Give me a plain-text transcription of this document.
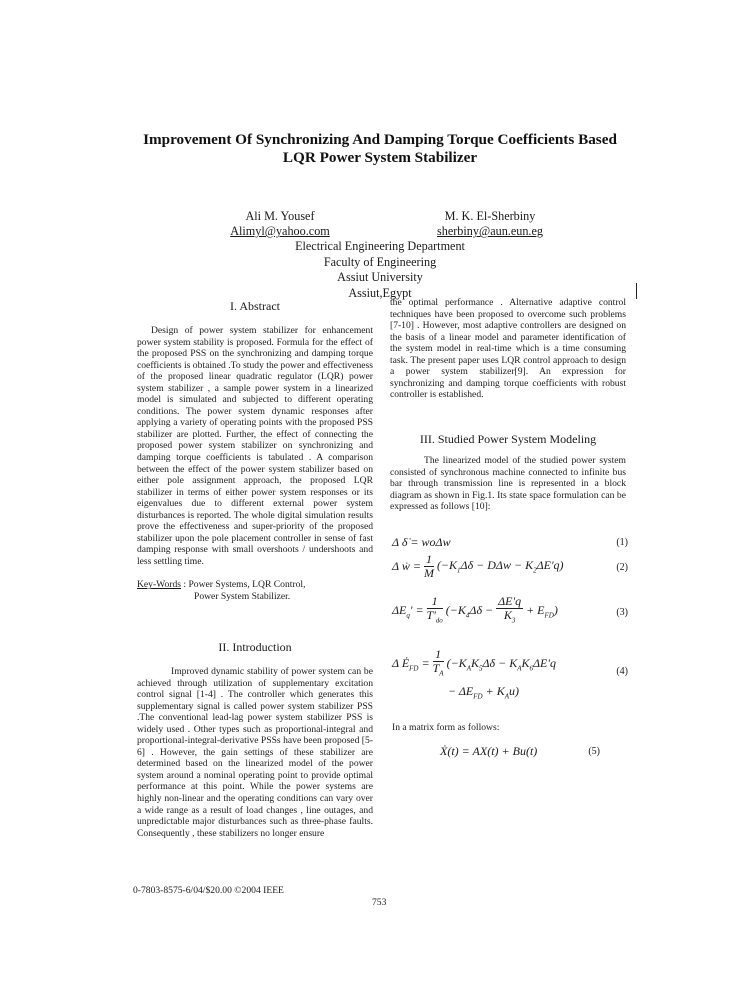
Improvement Of Synchronizing And Damping Torque Coefficients Based
LQR Power System Stabilizer
Ali M. Yousef
Alimyl@yahoo.com
M. K. El-Sherbiny
sherbiny@aun.eun.eg
Electrical Engineering Department
Faculty of Engineering
Assiut University
Assiut,Egypt
I. Abstract

Design of power system stabilizer for enhancement power system stability is proposed. Formula for the effect of the proposed PSS on the synchronizing and damping torque coefficients is obtained .To study the power and effectiveness of the proposed linear quadratic regulator (LQR) power system stabilizer , a sample power system in a linearized model is simulated and subjected to different operating conditions. The power system dynamic responses after applying a variety of operating points with the proposed PSS stabilizer are plotted. Further, the effect of connecting the proposed power system stabilizer on synchronizing and damping torque coefficients is tabulated . A comparison between the effect of the power system stabilizer based on either pole assignment approach, the proposed LQR stabilizer in terms of either power system responses or its eigenvalues due to different external power system disturbances is reported. The whole digital simulation results prove the effectiveness and super-priority of the proposed stabilizer upon the pole placement controller in sense of fast damping response with small overshoots / undershoots and less settling time.

Key-Words : Power Systems, LQR Control,
Power System Stabilizer.
II. Introduction

Improved dynamic stability of power system can be achieved through utilization of supplementary excitation control signal [1-4] . The controller which generates this supplementary signal is called power system stabilizer PSS .The conventional lead-lag power system stabilizer PSS is widely used . Other types such as proportional-integral and proportional-integral-derivative PSSs have been proposed [5-6] . However, the gain settings of these stabilizer are determined based on the linearized model of the power system around a nominal operating point to provide optimal performance at this point. While the power systems are highly non-linear and the operating conditions can vary over a wide range as a result of load changes , line outages, and unpredictable major disturbances such as three-phase faults. Consequently , these stabilizers no longer ensure

the optimal performance . Alternative adaptive control techniques have been proposed to overcome such problems [7-10] . However, most adaptive controllers are designed on the basis of a linear model and parameter identification of the system model in real-time which is a time consuming task. The present paper uses LQR control approach to design a power system stabilizer[9]. An expression for synchronizing and damping torque coefficients with robust controller is established.

III. Studied Power System Modeling

The linearized model of the studied power system consisted of synchronous machine connected to infinite bus bar through transmission line is represented in a block diagram as shown in Fig.1. Its state space formulation can be expressed as follows [10]:

Δ δ̇ = woΔw	(1)
Δ ẇ = $\frac{1}{M} (-K_1\Delta\delta - D\Delta w - K_2\Delta E'q)$	(2)
$\Delta E_q' = \frac{1}{T'_{do}} (-K_4\Delta\delta - \frac{\Delta E'q}{K_3} + E_{FD})$	(3)
Δ $Ė_{FD} = \frac{1}{T_A} (-K_AK_5\Delta\delta - K_AK_6\Delta E'q$
− $\Delta E_{FD} + K_Au$)
(4)
In a matrix form as follows:
Ẋ(t) = AX(t) + Bu(t)	(5)
0-7803-8575-6/04/$20.00 ©2004 IEEE
753
